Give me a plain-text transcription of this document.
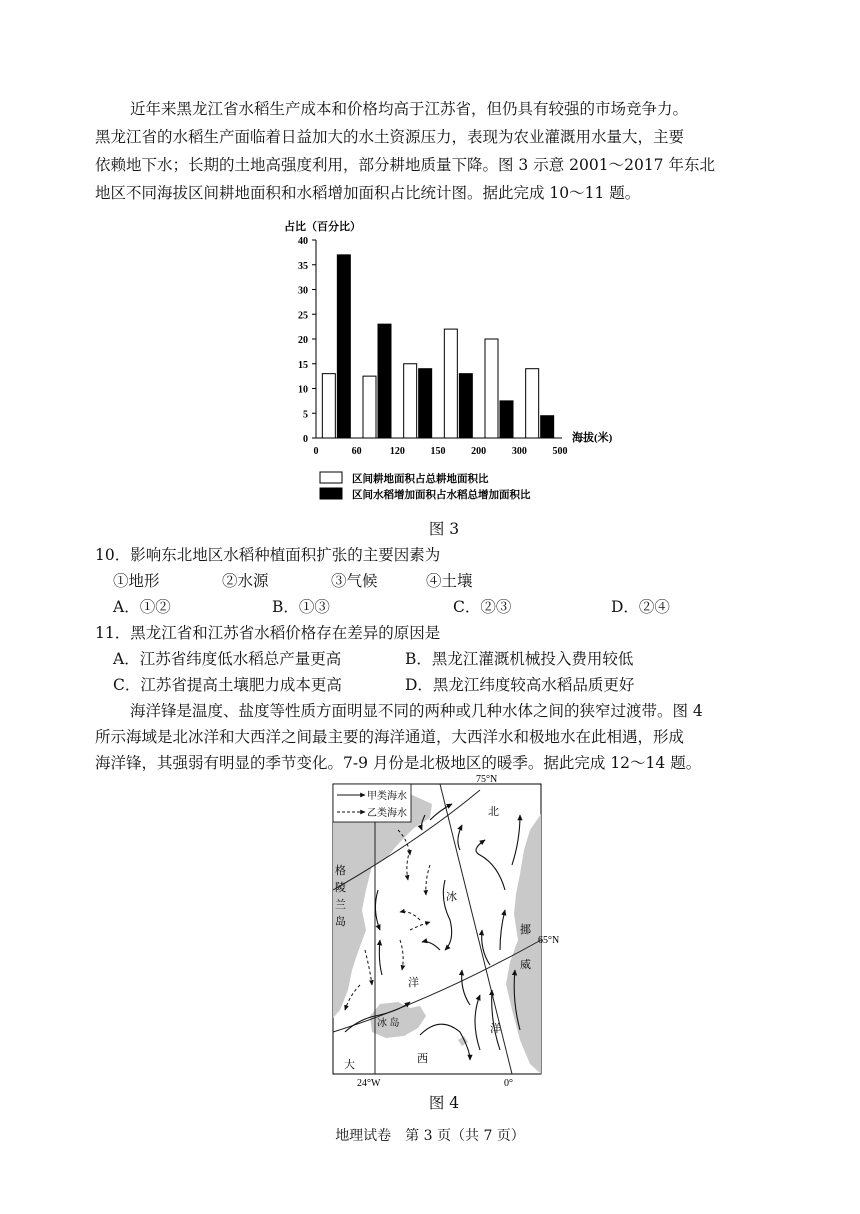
近年来黑龙江省水稻生产成本和价格均高于江苏省，但仍具有较强的市场竞争力。
黑龙江省的水稻生产面临着日益加大的水土资源压力，表现为农业灌溉用水量大，主要
依赖地下水；长期的土地高强度利用，部分耕地质量下降。图 3 示意 2001～2017 年东北
地区不同海拔区间耕地面积和水稻增加面积占比统计图。据此完成 10～11 题。
占比（百分比）
0
5
10
15
20
25
30
35
40
0	60	120	150	200	300	500
海拔(米)
区间耕地面积占总耕地面积比
区间水稻增加面积占水稻总增加面积比
图 3
10．影响东北地区水稻种植面积扩张的主要因素为
①地形	②水源	③气候	④土壤
A．①②	B．①③	C．②③	D．②④
11．黑龙江省和江苏省水稻价格存在差异的原因是
A．江苏省纬度低水稻总产量更高	B．黑龙江灌溉机械投入费用较低
C．江苏省提高土壤肥力成本更高	D．黑龙江纬度较高水稻品质更好
海洋锋是温度、盐度等性质方面明显不同的两种或几种水体之间的狭窄过渡带。图 4
所示海域是北冰洋和大西洋之间最主要的海洋通道，大西洋水和极地水在此相遇，形成
海洋锋，其强弱有明显的季节变化。7-9 月份是北极地区的暖季。据此完成 12～14 题。
甲类海水
乙类海水
75°N
65°N
24°W	0°
格
陵
兰
岛
冰 岛
挪
威
北
冰
洋
大	西
洋
图 4
地理试卷　第 3 页（共 7 页）
